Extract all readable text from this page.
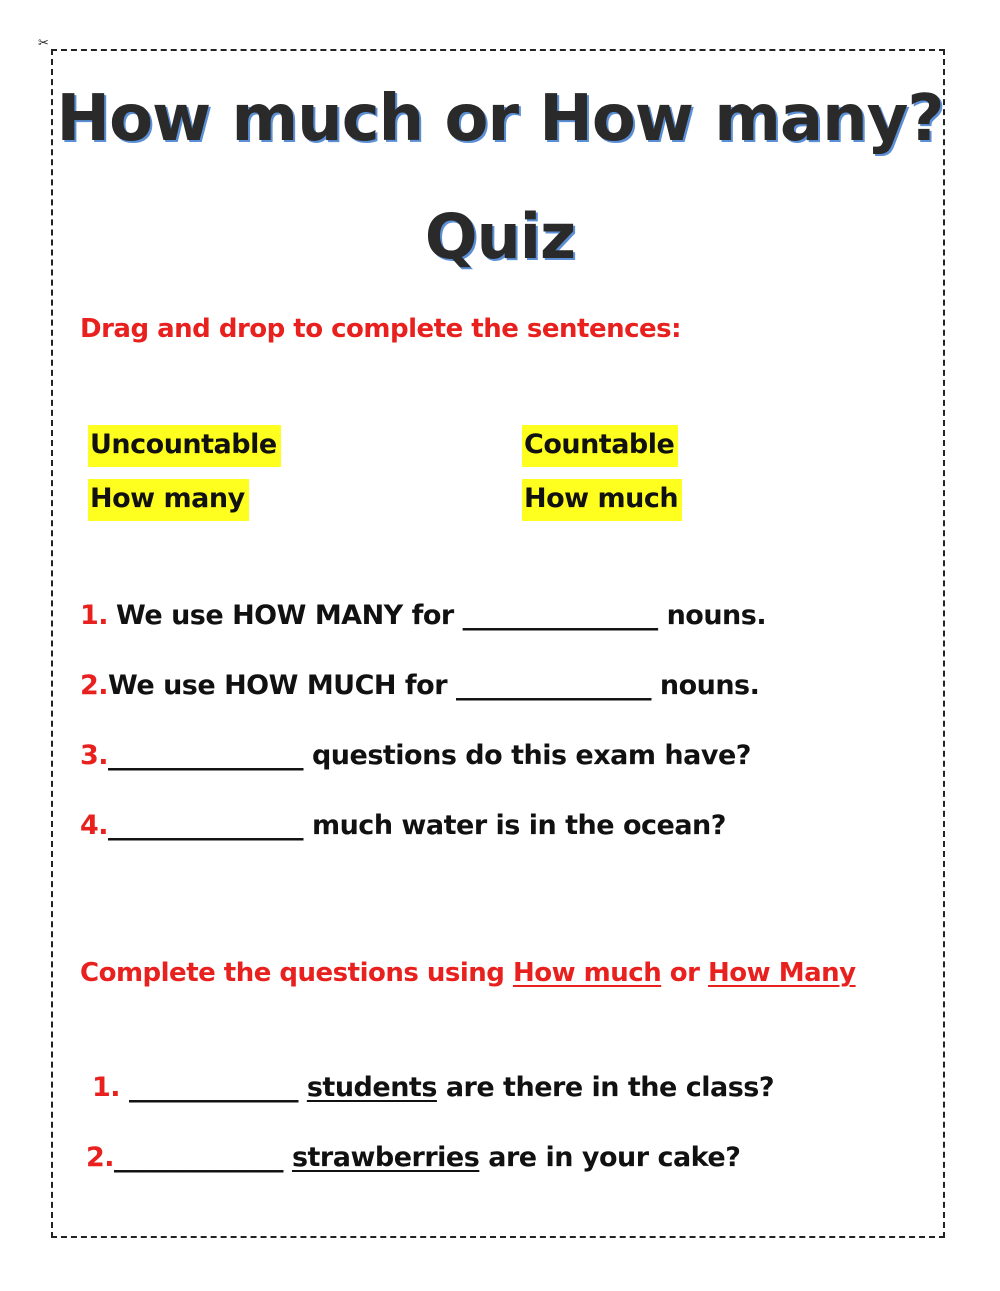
✂
How much or How many?
Quiz
Drag and drop to complete the sentences:
Uncountable	Countable
How many	How much
1. We use HOW MANY for _______________ nouns.
2.We use HOW MUCH for _______________ nouns.
3._______________ questions do this exam have?
4._______________ much water is in the ocean?
Complete the questions using How much or How Many
1. _____________ students are there in the class?
2._____________ strawberries are in your cake?
